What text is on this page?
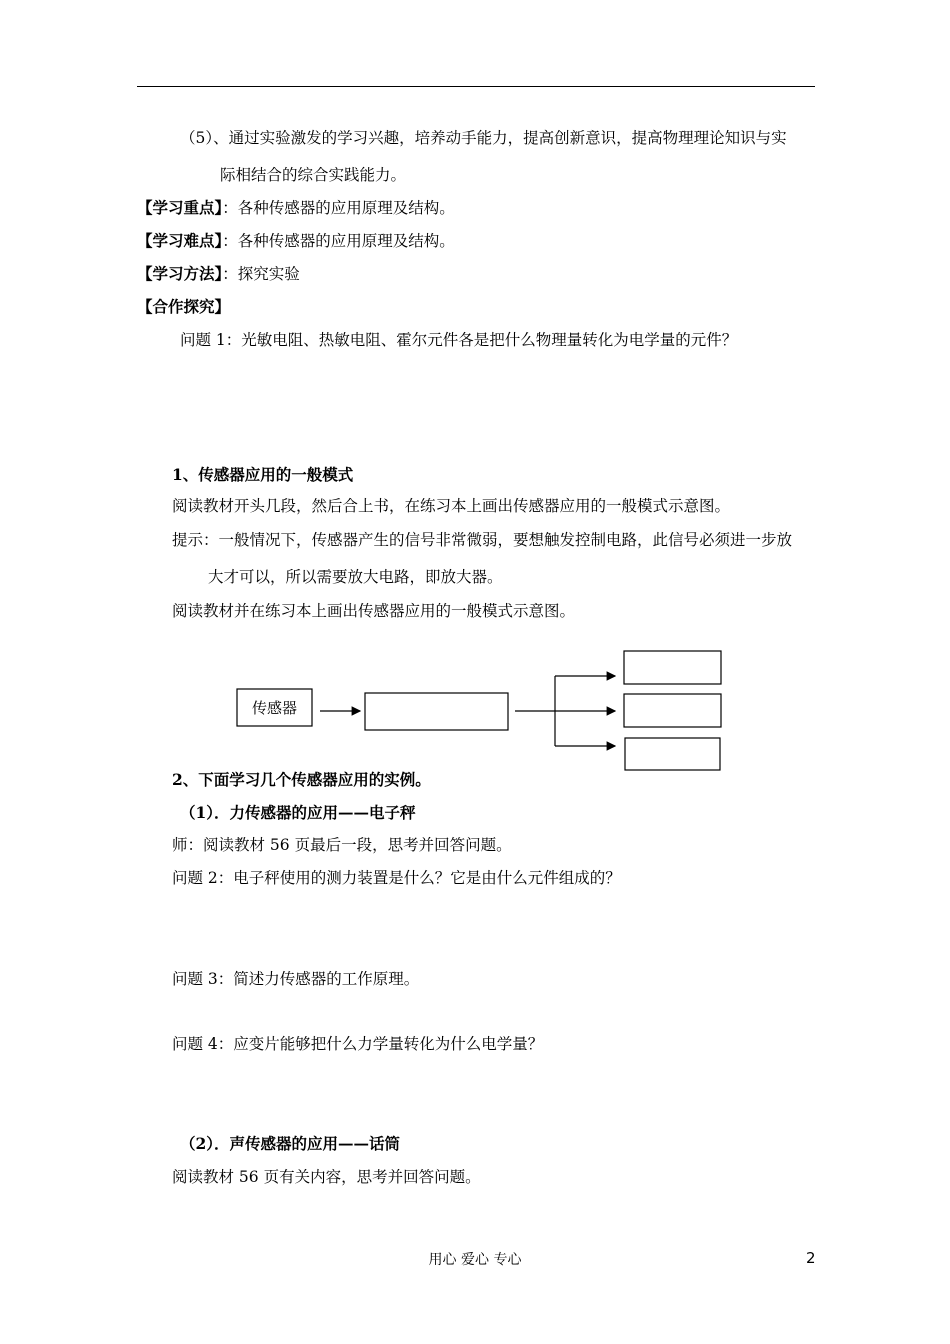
（5）、通过实验激发的学习兴趣，培养动手能力，提高创新意识，提高物理理论知识与实
际相结合的综合实践能力。
【学习重点】：各种传感器的应用原理及结构。
【学习难点】：各种传感器的应用原理及结构。
【学习方法】：探究实验
【合作探究】
问题 1：光敏电阻、热敏电阻、霍尔元件各是把什么物理量转化为电学量的元件？
1、传感器应用的一般模式
阅读教材开头几段，然后合上书，在练习本上画出传感器应用的一般模式示意图。
提示：一般情况下，传感器产生的信号非常微弱，要想触发控制电路，此信号必须进一步放
大才可以，所以需要放大电路，即放大器。
阅读教材并在练习本上画出传感器应用的一般模式示意图。
传感器
2、下面学习几个传感器应用的实例。
（1）．力传感器的应用——电子秤
师：阅读教材 56 页最后一段，思考并回答问题。
问题 2：电子秤使用的测力装置是什么？它是由什么元件组成的？
问题 3：简述力传感器的工作原理。
问题 4：应变片能够把什么力学量转化为什么电学量？
（2）．声传感器的应用——话筒
阅读教材 56 页有关内容，思考并回答问题。
用心 爱心 专心	2
